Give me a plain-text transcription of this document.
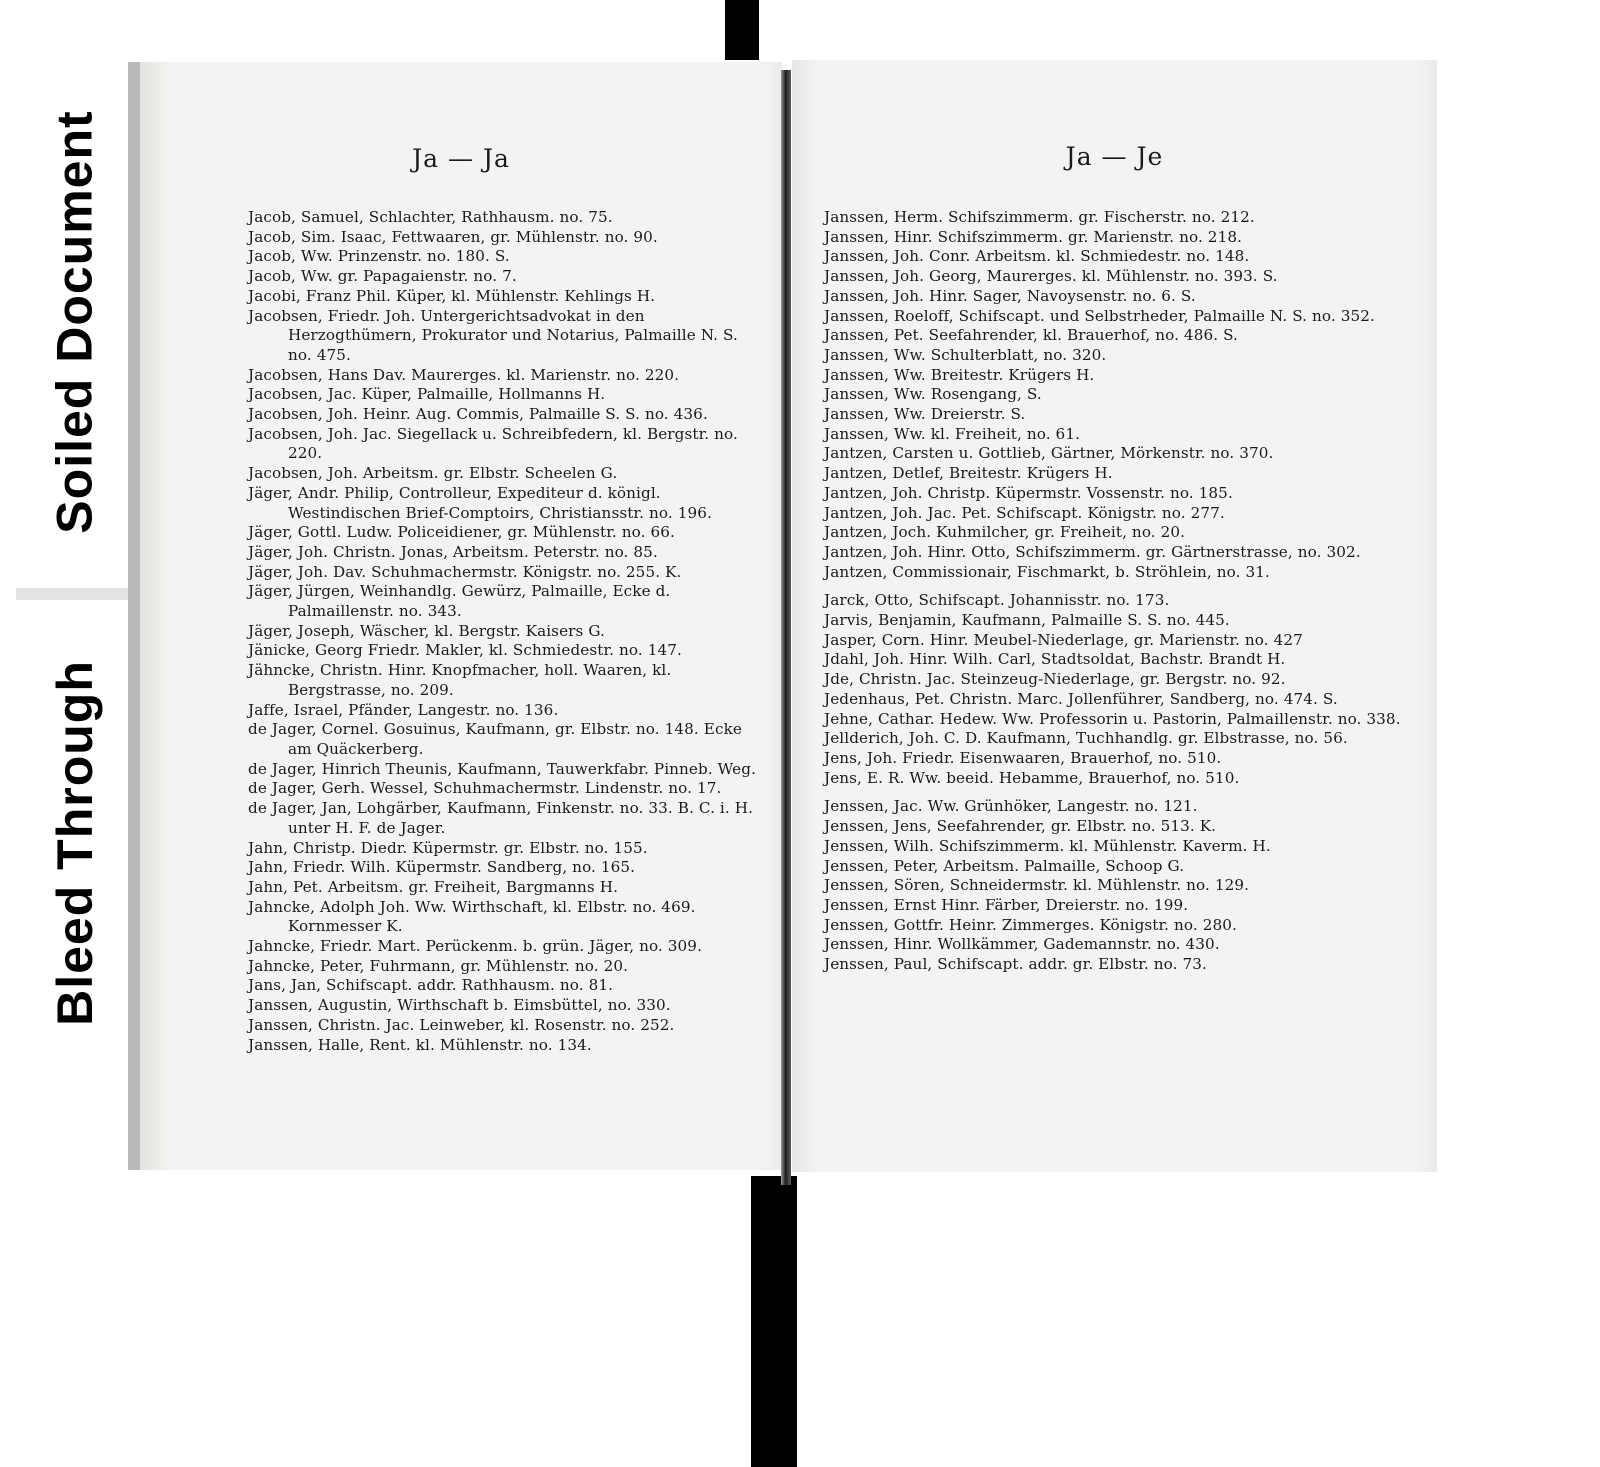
Soiled Document
Bleed Through
Ja — Ja

Jacob, Samuel, Schlachter, Rathhausm. no. 75.

Jacob, Sim. Isaac, Fettwaaren, gr. Mühlenstr. no. 90.

Jacob, Ww. Prinzenstr. no. 180. S.

Jacob, Ww. gr. Papagaienstr. no. 7.

Jacobi, Franz Phil. Küper, kl. Mühlenstr. Kehlings H.

Jacobsen, Friedr. Joh. Untergerichtsadvokat in den Herzogthümern, Prokurator und Notarius, Palmaille N. S. no. 475.

Jacobsen, Hans Dav. Maurerges. kl. Marienstr. no. 220.

Jacobsen, Jac. Küper, Palmaille, Hollmanns H.

Jacobsen, Joh. Heinr. Aug. Commis, Palmaille S. S. no. 436.

Jacobsen, Joh. Jac. Siegellack u. Schreibfedern, kl. Bergstr. no. 220.

Jacobsen, Joh. Arbeitsm. gr. Elbstr. Scheelen G.

Jäger, Andr. Philip, Controlleur, Expediteur d. königl. Westindischen Brief-Comptoirs, Christiansstr. no. 196.

Jäger, Gottl. Ludw. Policeidiener, gr. Mühlenstr. no. 66.

Jäger, Joh. Christn. Jonas, Arbeitsm. Peterstr. no. 85.

Jäger, Joh. Dav. Schuhmachermstr. Königstr. no. 255. K.

Jäger, Jürgen, Weinhandlg. Gewürz, Palmaille, Ecke d. Palmaillenstr. no. 343.

Jäger, Joseph, Wäscher, kl. Bergstr. Kaisers G.

Jänicke, Georg Friedr. Makler, kl. Schmiedestr. no. 147.

Jähncke, Christn. Hinr. Knopfmacher, holl. Waaren, kl. Bergstrasse, no. 209.

Jaffe, Israel, Pfänder, Langestr. no. 136.

de Jager, Cornel. Gosuinus, Kaufmann, gr. Elbstr. no. 148. Ecke am Quäckerberg.

de Jager, Hinrich Theunis, Kaufmann, Tauwerkfabr. Pinneb. Weg.

de Jager, Gerh. Wessel, Schuhmachermstr. Lindenstr. no. 17.

de Jager, Jan, Lohgärber, Kaufmann, Finkenstr. no. 33. B. C. i. H. unter H. F. de Jager.

Jahn, Christp. Diedr. Küpermstr. gr. Elbstr. no. 155.

Jahn, Friedr. Wilh. Küpermstr. Sandberg, no. 165.

Jahn, Pet. Arbeitsm. gr. Freiheit, Bargmanns H.

Jahncke, Adolph Joh. Ww. Wirthschaft, kl. Elbstr. no. 469. Kornmesser K.

Jahncke, Friedr. Mart. Perückenm. b. grün. Jäger, no. 309.

Jahncke, Peter, Fuhrmann, gr. Mühlenstr. no. 20.

Jans, Jan, Schifscapt. addr. Rathhausm. no. 81.

Janssen, Augustin, Wirthschaft b. Eimsbüttel, no. 330.

Janssen, Christn. Jac. Leinweber, kl. Rosenstr. no. 252.

Janssen, Halle, Rent. kl. Mühlenstr. no. 134.

Ja — Je

Janssen, Herm. Schifszimmerm. gr. Fischerstr. no. 212.

Janssen, Hinr. Schifszimmerm. gr. Marienstr. no. 218.

Janssen, Joh. Conr. Arbeitsm. kl. Schmiedestr. no. 148.

Janssen, Joh. Georg, Maurerges. kl. Mühlenstr. no. 393. S.

Janssen, Joh. Hinr. Sager, Navoysenstr. no. 6. S.

Janssen, Roeloff, Schifscapt. und Selbstrheder, Palmaille N. S. no. 352.

Janssen, Pet. Seefahrender, kl. Brauerhof, no. 486. S.

Janssen, Ww. Schulterblatt, no. 320.

Janssen, Ww. Breitestr. Krügers H.

Janssen, Ww. Rosengang, S.

Janssen, Ww. Dreierstr. S.

Janssen, Ww. kl. Freiheit, no. 61.

Jantzen, Carsten u. Gottlieb, Gärtner, Mörkenstr. no. 370.

Jantzen, Detlef, Breitestr. Krügers H.

Jantzen, Joh. Christp. Küpermstr. Vossenstr. no. 185.

Jantzen, Joh. Jac. Pet. Schifscapt. Königstr. no. 277.

Jantzen, Joch. Kuhmilcher, gr. Freiheit, no. 20.

Jantzen, Joh. Hinr. Otto, Schifszimmerm. gr. Gärtnerstrasse, no. 302.

Jantzen, Commissionair, Fischmarkt, b. Ströhlein, no. 31.

Jarck, Otto, Schifscapt. Johannisstr. no. 173.

Jarvis, Benjamin, Kaufmann, Palmaille S. S. no. 445.

Jasper, Corn. Hinr. Meubel-Niederlage, gr. Marienstr. no. 427

Jdahl, Joh. Hinr. Wilh. Carl, Stadtsoldat, Bachstr. Brandt H.

Jde, Christn. Jac. Steinzeug-Niederlage, gr. Bergstr. no. 92.

Jedenhaus, Pet. Christn. Marc. Jollenführer, Sandberg, no. 474. S.

Jehne, Cathar. Hedew. Ww. Professorin u. Pastorin, Palmaillenstr. no. 338.

Jellderich, Joh. C. D. Kaufmann, Tuchhandlg. gr. Elbstrasse, no. 56.

Jens, Joh. Friedr. Eisenwaaren, Brauerhof, no. 510.

Jens, E. R. Ww. beeid. Hebamme, Brauerhof, no. 510.

Jenssen, Jac. Ww. Grünhöker, Langestr. no. 121.

Jenssen, Jens, Seefahrender, gr. Elbstr. no. 513. K.

Jenssen, Wilh. Schifszimmerm. kl. Mühlenstr. Kaverm. H.

Jenssen, Peter, Arbeitsm. Palmaille, Schoop G.

Jenssen, Sören, Schneidermstr. kl. Mühlenstr. no. 129.

Jenssen, Ernst Hinr. Färber, Dreierstr. no. 199.

Jenssen, Gottfr. Heinr. Zimmerges. Königstr. no. 280.

Jenssen, Hinr. Wollkämmer, Gademannstr. no. 430.

Jenssen, Paul, Schifscapt. addr. gr. Elbstr. no. 73.
